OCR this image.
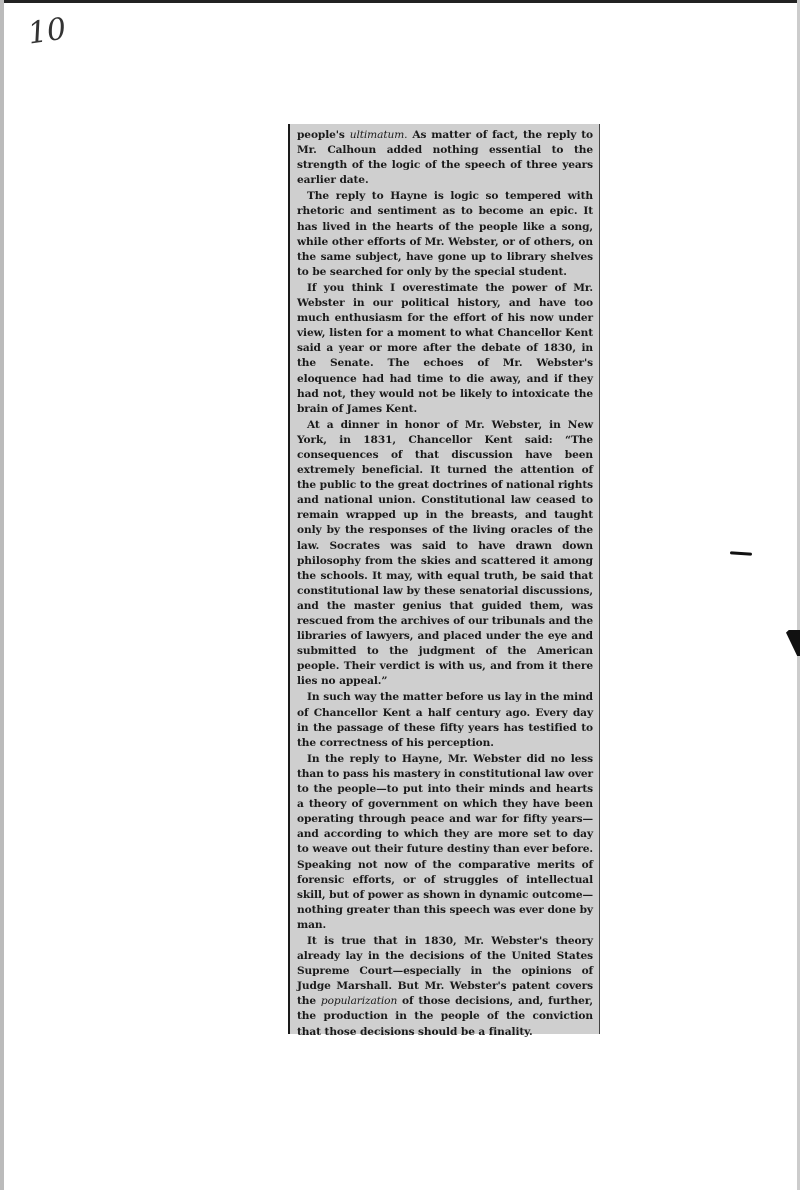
10

people's ultimatum. As matter of fact, the reply to Mr. Calhoun added nothing essential to the strength of the logic of the speech of three years earlier date.

The reply to Hayne is logic so tempered with rhetoric and sentiment as to become an epic. It has lived in the hearts of the people like a song, while other efforts of Mr. Webster, or of others, on the same subject, have gone up to library shelves to be searched for only by the special student.

If you think I overestimate the power of Mr. Webster in our political history, and have too much enthusiasm for the effort of his now under view, listen for a moment to what Chancellor Kent said a year or more after the debate of 1830, in the Senate. The echoes of Mr. Webster's eloquence had had time to die away, and if they had not, they would not be likely to intoxicate the brain of James Kent.

At a dinner in honor of Mr. Webster, in New York, in 1831, Chancellor Kent said: “The consequences of that discussion have been extremely beneficial. It turned the attention of the public to the great doctrines of national rights and national union. Constitutional law ceased to remain wrapped up in the breasts, and taught only by the responses of the living oracles of the law. Socrates was said to have drawn down philosophy from the skies and scattered it among the schools. It may, with equal truth, be said that constitutional law by these senatorial discussions, and the master genius that guided them, was rescued from the archives of our tribunals and the libraries of lawyers, and placed under the eye and submitted to the judgment of the American people. Their verdict is with us, and from it there lies no appeal.”

In such way the matter before us lay in the mind of Chancellor Kent a half century ago. Every day in the passage of these fifty years has testified to the correctness of his perception.

In the reply to Hayne, Mr. Webster did no less than to pass his mastery in constitutional law over to the people—to put into their minds and hearts a theory of government on which they have been operating through peace and war for fifty years—and according to which they are more set to day to weave out their future destiny than ever before. Speaking not now of the comparative merits of forensic efforts, or of struggles of intellectual skill, but of power as shown in dynamic outcome—nothing greater than this speech was ever done by man.

It is true that in 1830, Mr. Webster's theory already lay in the decisions of the United States Supreme Court—especially in the opinions of Judge Marshall. But Mr. Webster's patent covers the popularization of those decisions, and, further, the production in the people of the conviction that those decisions should be a finality.
